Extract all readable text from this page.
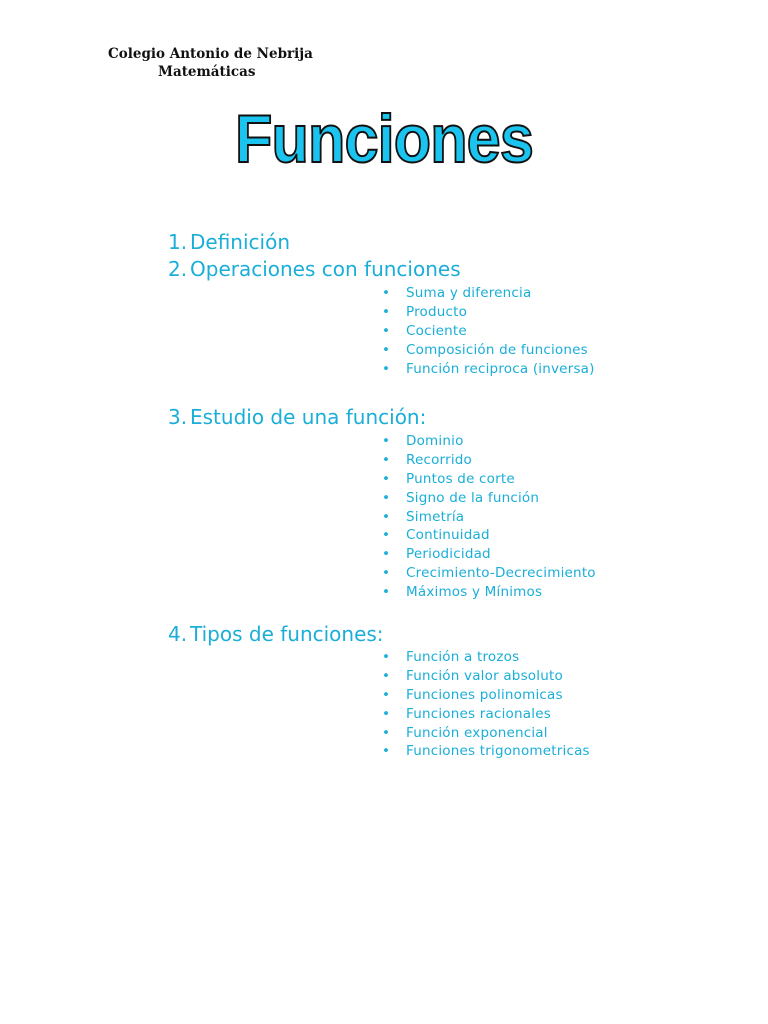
Colegio Antonio de Nebrija
Matemáticas
Funciones
1. Definición
2. Operaciones con funciones
•	Suma y diferencia
•	Producto
•	Cociente
•	Composición de funciones
•	Función reciproca (inversa)
3. Estudio de una función:
•	Dominio
•	Recorrido
•	Puntos de corte
•	Signo de la función
•	Simetría
•	Continuidad
•	Periodicidad
•	Crecimiento-Decrecimiento
•	Máximos y Mínimos
4. Tipos de funciones:
•	Función a trozos
•	Función valor absoluto
•	Funciones polinomicas
•	Funciones racionales
•	Función exponencial
•	Funciones trigonometricas
